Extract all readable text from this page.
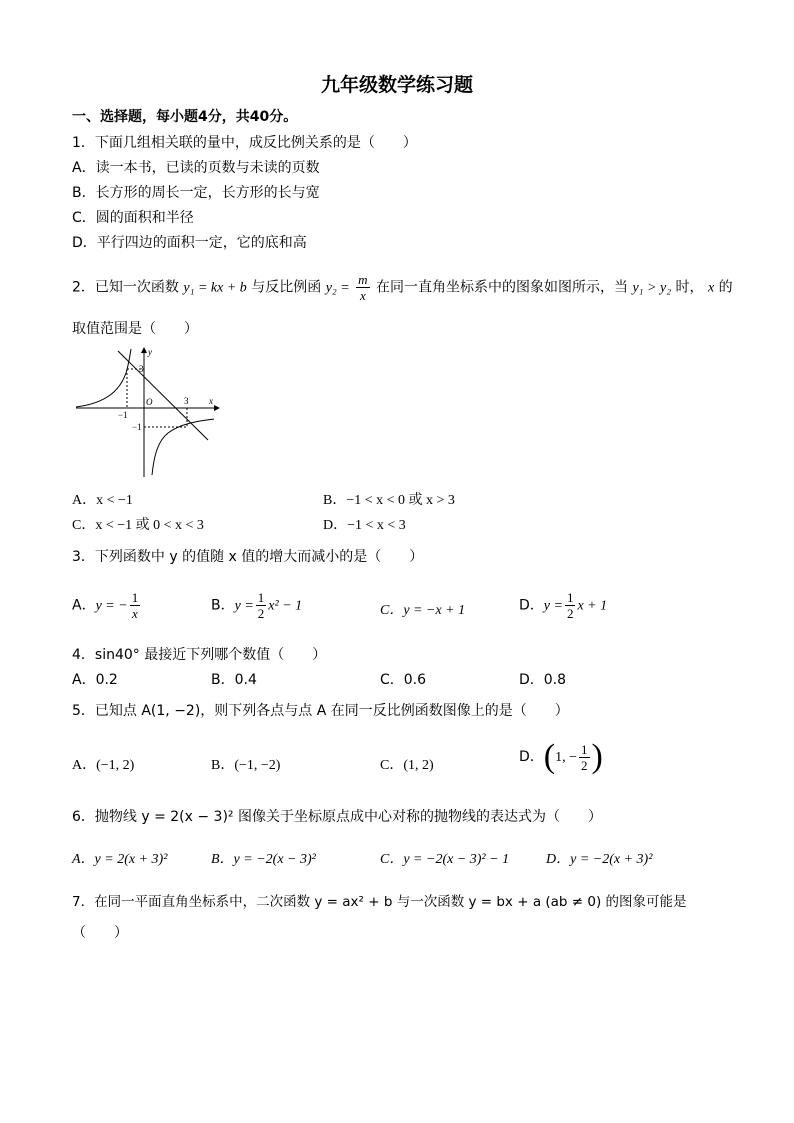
九年级数学练习题
一、选择题，每小题4分，共40分。
1．下面几组相关联的量中，成反比例关系的是（　　）
A．读一本书，已读的页数与未读的页数
B．长方形的周长一定，长方形的长与宽
C．圆的面积和半径
D．平行四边的面积一定，它的底和高
2．已知一次函数 y₁ = kx + b 与反比例函 $y_2 = \frac{m}{x}$ 在同一直角坐标系中的图象如图所示，当 y₁ > y₂ 时， x 的
取值范围是（　　）
y
x
O
3
3
−1
−1
A．x < −1	B．−1 < x < 0 或 x > 3
C．x < −1 或 0 < x < 3	D．−1 < x < 3
3．下列函数中 y 的值随 x 值的增大而减小的是（　　）
A．y = − $\frac{1}{x}$	B．$y = \frac{1}{2} x^2 - 1$	C．y = −x + 1	D．$y = \frac{1}{2}$ x + 1
4．sin40° 最接近下列哪个数值（　　）
A．0.2	B．0.4	C．0.6	D．0.8
5．已知点 A(1, −2)，则下列各点与点 A 在同一反比例函数图像上的是（　　）
A．(−1, 2)	B．(−1, −2)	C．(1, 2)
D．(1, − $\frac{1}{2}$ )
6．抛物线 y = 2(x − 3)² 图像关于坐标原点成中心对称的抛物线的表达式为（　　）
A．y = 2(x + 3)²	B．y = −2(x − 3)²	C．y = −2(x − 3)² − 1	D．y = −2(x + 3)²
7．在同一平面直角坐标系中，二次函数 y = ax² + b 与一次函数 y = bx + a (ab ≠ 0) 的图象可能是
（　　）
